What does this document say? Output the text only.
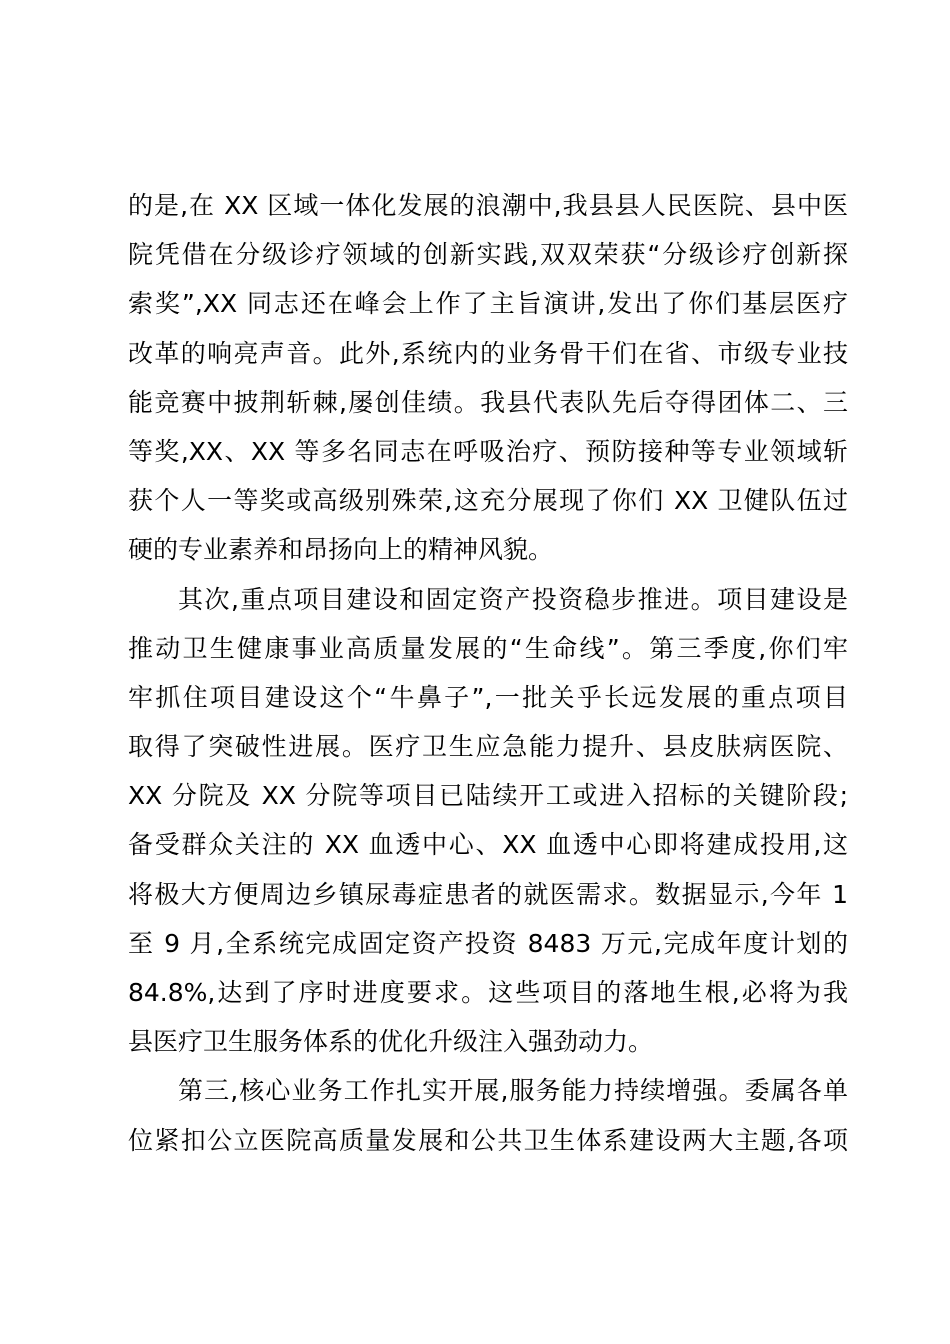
的是,在 XX 区域一体化发展的浪潮中,我县县人民医院、县中医
院凭借在分级诊疗领域的创新实践,双双荣获“分级诊疗创新探
索奖”,XX 同志还在峰会上作了主旨演讲,发出了你们基层医疗
改革的响亮声音。此外,系统内的业务骨干们在省、市级专业技
能竞赛中披荆斩棘,屡创佳绩。我县代表队先后夺得团体二、三
等奖,XX、XX 等多名同志在呼吸治疗、预防接种等专业领域斩
获个人一等奖或高级别殊荣,这充分展现了你们 XX 卫健队伍过
硬的专业素养和昂扬向上的精神风貌。
其次,重点项目建设和固定资产投资稳步推进。项目建设是
推动卫生健康事业高质量发展的“生命线”。第三季度,你们牢
牢抓住项目建设这个“牛鼻子”,一批关乎长远发展的重点项目
取得了突破性进展。医疗卫生应急能力提升、县皮肤病医院、
XX 分院及 XX 分院等项目已陆续开工或进入招标的关键阶段;
备受群众关注的 XX 血透中心、XX 血透中心即将建成投用,这
将极大方便周边乡镇尿毒症患者的就医需求。数据显示,今年 1
至 9 月,全系统完成固定资产投资 8483 万元,完成年度计划的
84.8%,达到了序时进度要求。这些项目的落地生根,必将为我
县医疗卫生服务体系的优化升级注入强劲动力。
第三,核心业务工作扎实开展,服务能力持续增强。委属各单
位紧扣公立医院高质量发展和公共卫生体系建设两大主题,各项
